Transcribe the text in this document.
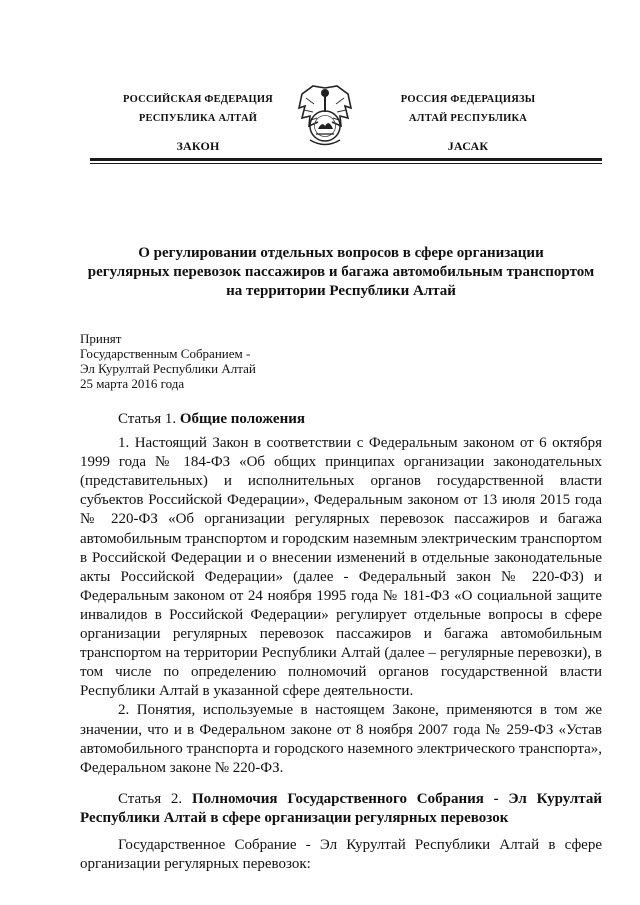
РОССИЙСКАЯ ФЕДЕРАЦИЯ
РЕСПУБЛИКА АЛТАЙ
ЗАКОН
РОССИЯ ФЕДЕРАЦИЯЗЫ
АЛТАЙ РЕСПУБЛИКА
JАСАК
О регулировании отдельных вопросов в сфере организации
регулярных перевозок пассажиров и багажа автомобильным транспортом
на территории Республики Алтай
Принят
Государственным Собранием -
Эл Курултай Республики Алтай
25 марта 2016 года

Статья 1. Общие положения

1. Настоящий Закон в соответствии с Федеральным законом от 6 октября 1999 года № 184-ФЗ «Об общих принципах организации законодательных (представительных) и исполнительных органов государственной власти субъектов Российской Федерации», Федеральным законом от 13 июля 2015 года № 220-ФЗ «Об организации регулярных перевозок пассажиров и багажа автомобильным транспортом и городским наземным электрическим транспортом в Российской Федерации и о внесении изменений в отдельные законодательные акты Российской Федерации» (далее - Федеральный закон № 220-ФЗ) и Федеральным законом от 24 ноября 1995 года № 181-ФЗ «О социальной защите инвалидов в Российской Федерации» регулирует отдельные вопросы в сфере организации регулярных перевозок пассажиров и багажа автомобильным транспортом на территории Республики Алтай (далее – регулярные перевозки), в том числе по определению полномочий органов государственной власти Республики Алтай в указанной сфере деятельности.

2. Понятия, используемые в настоящем Законе, применяются в том же значении, что и в Федеральном законе от 8 ноября 2007 года № 259-ФЗ «Устав автомобильного транспорта и городского наземного электрического транспорта», Федеральном законе № 220-ФЗ.

Статья 2. Полномочия Государственного Собрания - Эл Курултай Республики Алтай в сфере организации регулярных перевозок

Государственное Собрание - Эл Курултай Республики Алтай в сфере организации регулярных перевозок:
